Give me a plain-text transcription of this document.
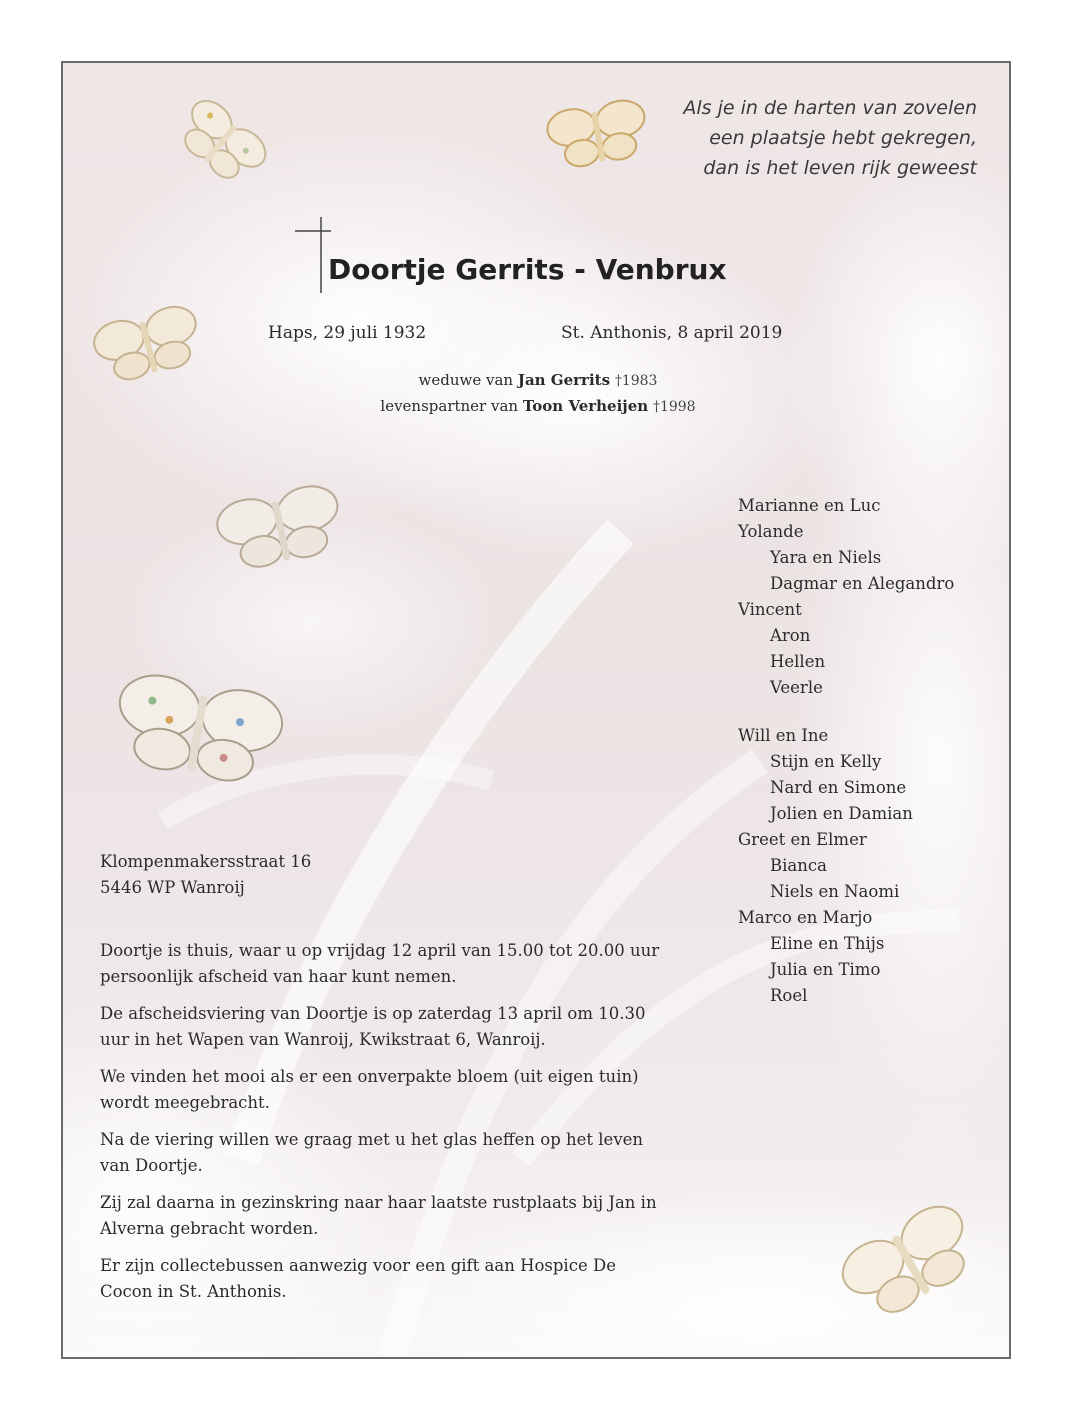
Als je in de harten van zovelen
een plaatsje hebt gekregen,
dan is het leven rijk geweest
Doortje Gerrits - Venbrux
Haps, 29 juli 1932	St. Anthonis, 8 april 2019
weduwe van Jan Gerrits †1983
levenspartner van Toon Verheijen †1998
Marianne en Luc
Yolande
Yara en Niels
Dagmar en Alegandro
Vincent
Aron
Hellen
Veerle
Will en Ine
Stijn en Kelly
Nard en Simone
Jolien en Damian
Greet en Elmer
Bianca
Niels en Naomi
Marco en Marjo
Eline en Thijs
Julia en Timo
Roel
Klompenmakersstraat 16
5446 WP Wanroij

Doortje is thuis, waar u op vrijdag 12 april van 15.00 tot 20.00 uur persoonlijk afscheid van haar kunt nemen.

De afscheidsviering van Doortje is op zaterdag 13 april om 10.30 uur in het Wapen van Wanroij, Kwikstraat 6, Wanroij.

We vinden het mooi als er een onverpakte bloem (uit eigen tuin) wordt meegebracht.

Na de viering willen we graag met u het glas heffen op het leven van Doortje.

Zij zal daarna in gezinskring naar haar laatste rustplaats bij Jan in Alverna gebracht worden.

Er zijn collectebussen aanwezig voor een gift aan Hospice De Cocon in St. Anthonis.
